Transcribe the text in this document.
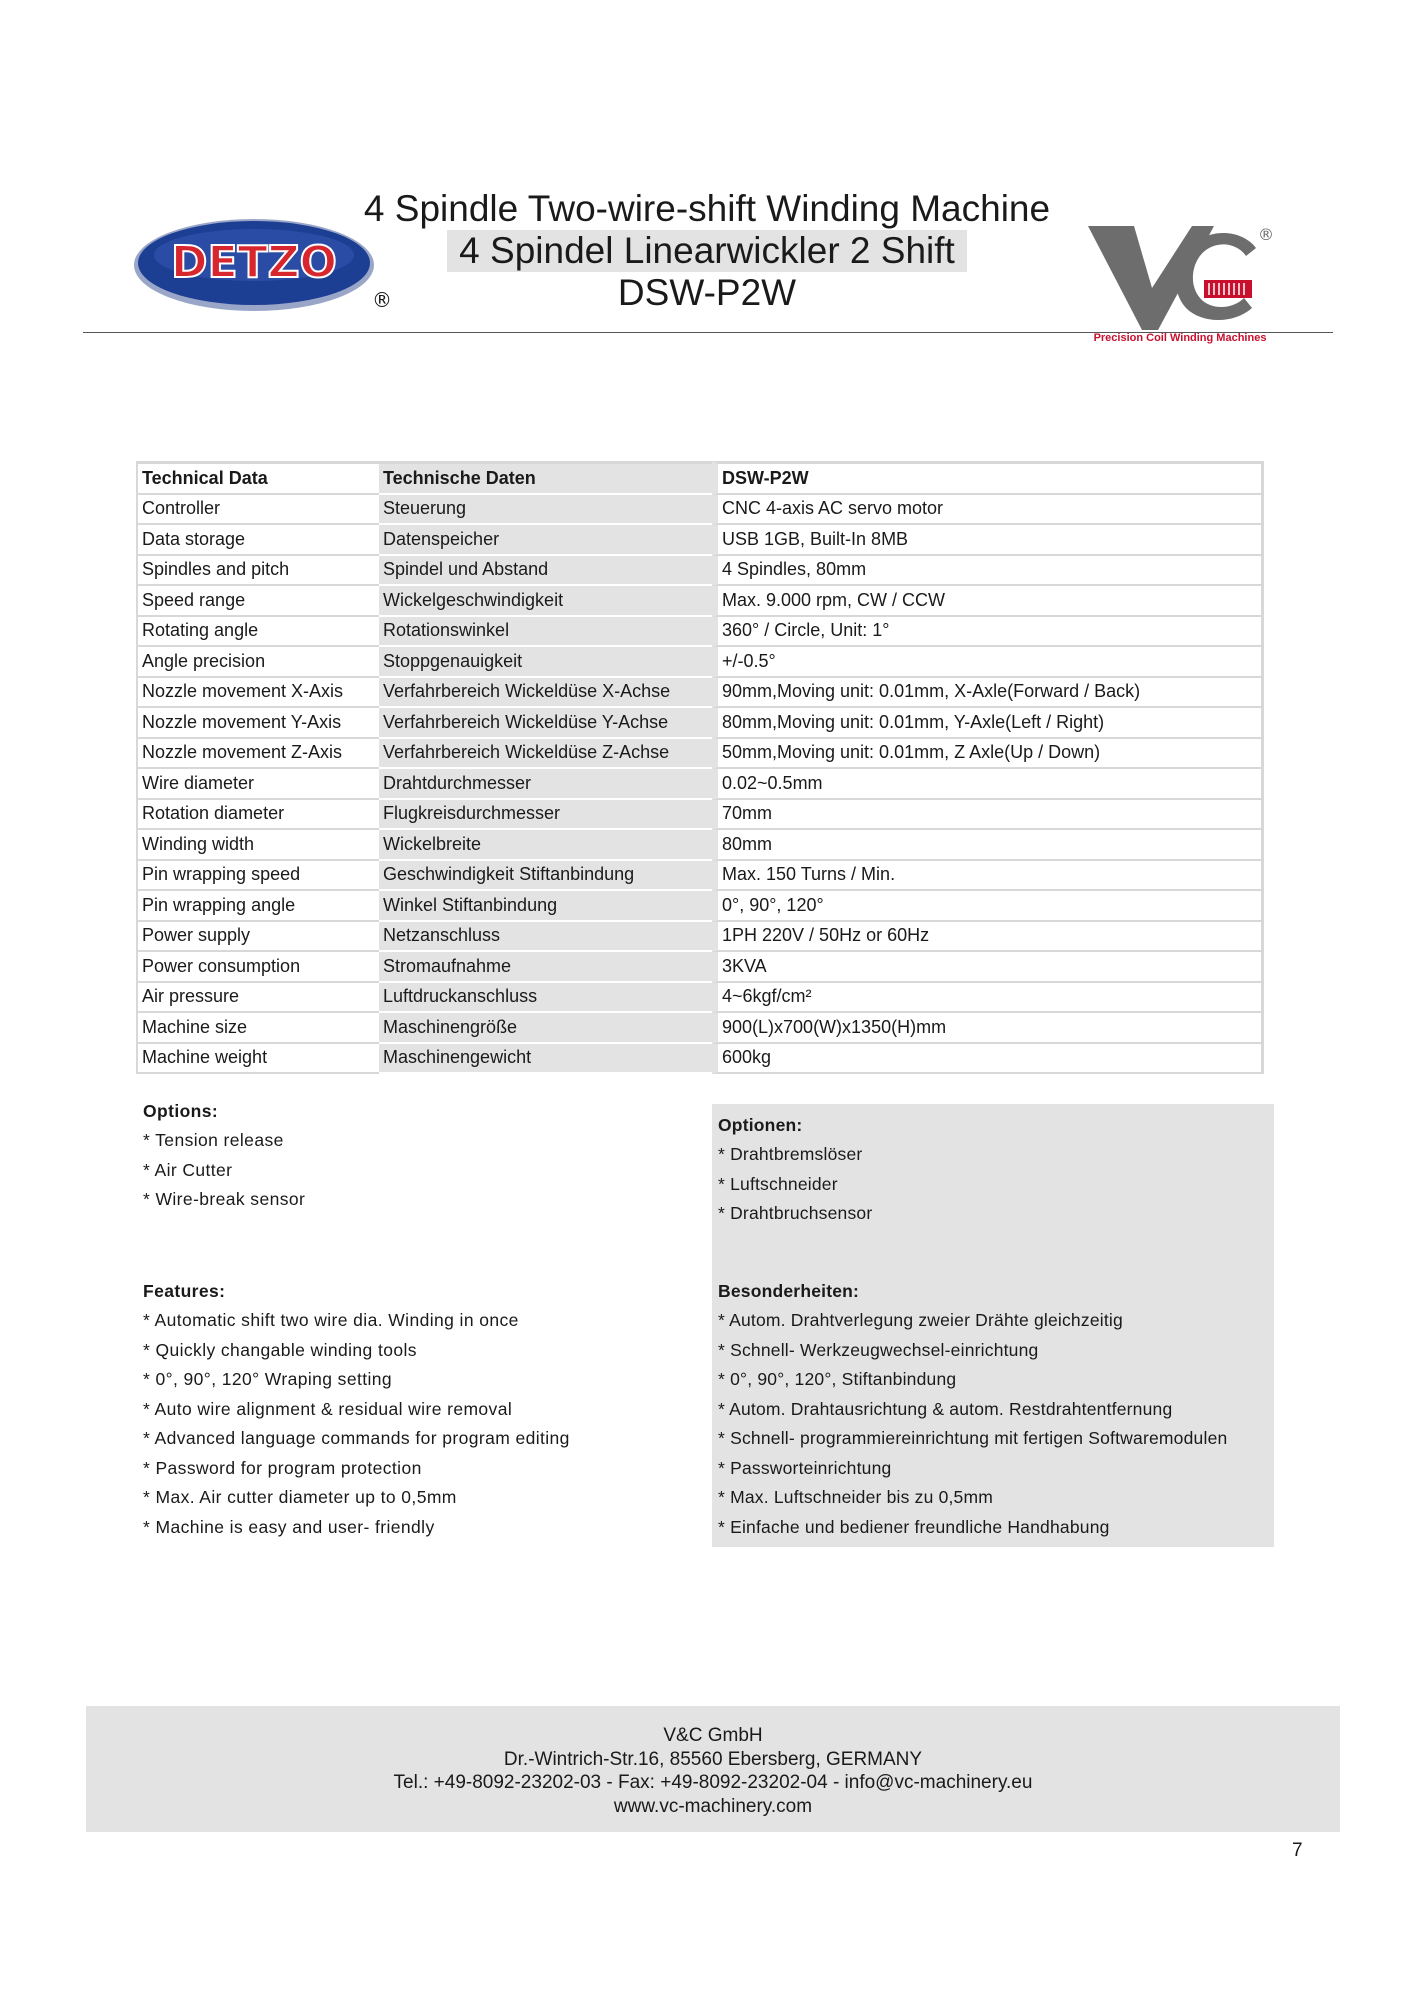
4 Spindle Two-wire-shift Winding Machine
4 Spindel Linearwickler 2 Shift
DSW-P2W
DETZO
®
®
Precision Coil Winding Machines
Technical Data	Technische Daten	DSW-P2W
Controller	Steuerung	CNC 4-axis AC servo motor
Data storage	Datenspeicher	USB 1GB, Built-In 8MB
Spindles and pitch	Spindel und Abstand	4 Spindles, 80mm
Speed range	Wickelgeschwindigkeit	Max. 9.000 rpm, CW / CCW
Rotating angle	Rotationswinkel	360° / Circle, Unit: 1°
Angle precision	Stoppgenauigkeit	+/-0.5°
Nozzle movement X-Axis	Verfahrbereich Wickeldüse X-Achse	90mm,Moving unit: 0.01mm, X-Axle(Forward / Back)
Nozzle movement Y-Axis	Verfahrbereich Wickeldüse Y-Achse	80mm,Moving unit: 0.01mm, Y-Axle(Left / Right)
Nozzle movement Z-Axis	Verfahrbereich Wickeldüse Z-Achse	50mm,Moving unit: 0.01mm, Z Axle(Up / Down)
Wire diameter	Drahtdurchmesser	0.02~0.5mm
Rotation diameter	Flugkreisdurchmesser	70mm
Winding width	Wickelbreite	80mm
Pin wrapping speed	Geschwindigkeit Stiftanbindung	Max. 150 Turns / Min.
Pin wrapping angle	Winkel Stiftanbindung	0°, 90°, 120°
Power supply	Netzanschluss	1PH 220V / 50Hz or 60Hz
Power consumption	Stromaufnahme	3KVA
Air pressure	Luftdruckanschluss	4~6kgf/cm²
Machine size	Maschinengröße	900(L)x700(W)x1350(H)mm
Machine weight	Maschinengewicht	600kg
Options:
* Tension release
* Air Cutter
* Wire-break sensor
Features:
* Automatic shift two wire dia. Winding in once
* Quickly changable winding tools
* 0°, 90°, 120° Wraping setting
* Auto wire alignment & residual wire removal
* Advanced language commands for program editing
* Password for program protection
* Max. Air cutter diameter up to 0,5mm
* Machine is easy and user- friendly
Optionen:
* Drahtbremslöser
* Luftschneider
* Drahtbruchsensor
Besonderheiten:
* Autom. Drahtverlegung zweier Drähte gleichzeitig
* Schnell- Werkzeugwechsel-einrichtung
* 0°, 90°, 120°, Stiftanbindung
* Autom. Drahtausrichtung & autom. Restdrahtentfernung
* Schnell- programmiereinrichtung mit fertigen Softwaremodulen
* Passworteinrichtung
* Max. Luftschneider bis zu 0,5mm
* Einfache und bediener freundliche Handhabung
V&C GmbH
Dr.-Wintrich-Str.16, 85560 Ebersberg, GERMANY
Tel.: +49-8092-23202-03 - Fax: +49-8092-23202-04 - info@vc-machinery.eu
www.vc-machinery.com
7
